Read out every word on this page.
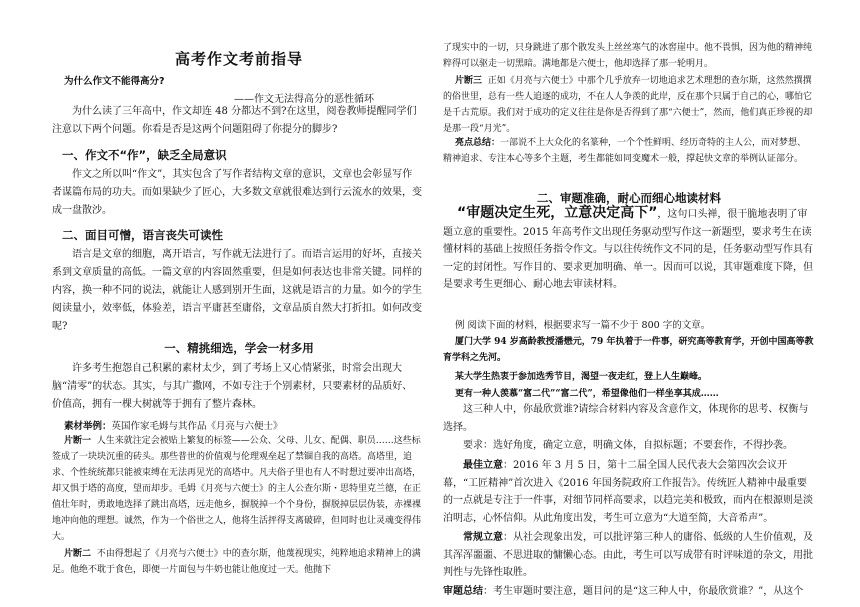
高考作文考前指导
为什么作文不能得高分?
——作文无法得高分的恶性循环

为什么读了三年高中，作文却连 48 分都达不到?在这里，阅卷教师提醒同学们注意以下两个问题。你看是否是这两个问题阻碍了你提分的脚步?

一、作文不“作”，缺乏全局意识

作文之所以叫“作文”，其实包含了写作者结构文章的意识，文章也会彰显写作者谋篇布局的功夫。而如果缺少了匠心，大多数文章就很难达到行云流水的效果，变成一盘散沙。

二、面目可憎，语言丧失可读性

语言是文章的细胞，离开语言，写作就无法进行了。而语言运用的好坏，直接关系到文章质量的高低。一篇文章的内容固然重要，但是如何表达也非常关键。同样的内容，换一种不同的说法，就能让人感到别开生面，这就是语言的力量。如今的学生阅读量小，效率低，体验差，语言平庸甚至庸俗，文章品质自然大打折扣。如何改变呢?

一、精挑细选，学会一材多用

许多考生抱怨自己积累的素材太少，到了考场上又心情紧张，时常会出现大脑“清零”的状态。其实，与其广撒网，不如专注于个别素材，只要素材的品质好、价值高，拥有一棵大树就等于拥有了整片森林。

素材举例：英国作家毛姆与其作品《月亮与六便士》

片断一 人生来就注定会被贴上繁复的标签——公众、父母、儿女、配偶、职员……这些标签成了一块块沉重的砖头。那些普世的价值观与伦理观垒起了禁锢自我的高塔。高塔里，追求、个性统统都只能被束缚在无法再见光的高塔中。凡夫俗子里也有人不时想过要冲出高塔，却又惧于塔的高度，望而却步。毛姆《月亮与六便士》的主人公查尔斯・思特里克兰德，在正值壮年时，勇敢地选择了跳出高塔，远走他乡，摒脱掉一个个身份，摒脱掉层层伪装，赤裸裸地冲向他的理想。诚然，作为一个俗世之人，他将生活抨得支离破碎，但同时也让灵魂变得伟大。

片断二 不由得想起了《月亮与六便士》中的查尔斯，他蔑视现实，纯粹地追求精神上的满足。他绝不耽于食色，即便一片面包与牛奶也能让他度过一天。他抛下

了现实中的一切，只身跳进了那个散发头上丝丝寒气的冰窖崖中。他不畏惧，因为他的精神纯粹得可以驱走一切黑暗。满地都是六便士，他却选择了那一轮明月。

片断三 正如《月亮与六便士》中那个几乎放弃一切地追求艺术理想的查尔斯，这然然撰撰的俗世里，总有一些人追逐的成功，不在人人争羡的此岸，反在那个只属于自己的心，哪怕它是千古荒原。我们对于成功的定义往往是你是否得到了那“六便士”，然而，他们真正珍视的却是那一段“月光”。

亮点总结：一部说不上大众化的名篆种，一个个性鲜明、经历奇特的主人公，而对梦想、精神追求、专注本心等多个主题，考生都能如同变魔术一般，撑起快文章的举例认证部分。

二、审题准确，耐心而细心地读材料

“审题决定生死，立意决定高下”，这句口头禅，很干脆地表明了审题立意的重要性。2015 年高考作文出现任务驱动型写作这一新题型，要求考生在读懂材料的基础上按照任务指令作文。与以往传统作文不同的是，任务驱动型写作具有一定的封闭性。写作目的、要求更加明确、单一。因而可以说，其审题难度下降，但是要求考生更细心、耐心地去审读材料。

例 阅读下面的材料，根据要求写一篇不少于 800 字的文章。

厦门大学 94 岁高龄教授潘懋元，79 年执着于一件事，研究高等教育学，开创中国高等教育学科之先河。

某大学生热衷于参加选秀节目，渴望一夜走红，登上人生巅峰。

更有一种人羡慕“富二代”“富二代”，希望像他们一样坐享其成……

这三种人中，你最欣赏谁?请综合材料内容及含意作文，体现你的思考、权衡与选择。

要求：选好角度，确定立意，明确文体，自拟标题；不要套作，不得抄袭。

最佳立意：2016 年 3 月 5 日，第十二届全国人民代表大会第四次会议开幕，“工匠精神”首次进入《2016 年国务院政府工作报告》。传统匠人精神中最重要的一点就是专注于一件事，对细节同样高要求，以趋完美和极致，而内在根源则是淡泊明志，心怀信仰。从此角度出发，考生可立意为“大道至简，大音希声”。

常规立意：从社会现象出发，可以批评第三种人的庸俗、低级的人生价值观，及其浑浑噩噩、不思进取的慵懒心态。由此，考生可以写成带有时评味道的杂文，用批判性与先锋性取胜。

审题总结：考生审题时要注意，题目问的是“这三种人中，你最欣赏谁？”，从这个
